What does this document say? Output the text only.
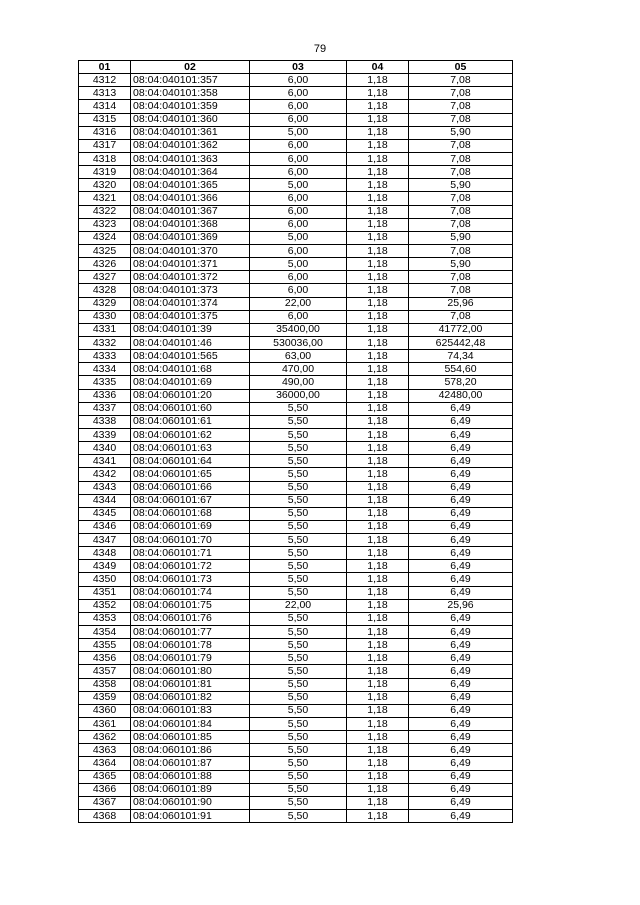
79
01	02	03	04	05
4312	08:04:040101:357	6,00	1,18	7,08
4313	08:04:040101:358	6,00	1,18	7,08
4314	08:04:040101:359	6,00	1,18	7,08
4315	08:04:040101:360	6,00	1,18	7,08
4316	08:04:040101:361	5,00	1,18	5,90
4317	08:04:040101:362	6,00	1,18	7,08
4318	08:04:040101:363	6,00	1,18	7,08
4319	08:04:040101:364	6,00	1,18	7,08
4320	08:04:040101:365	5,00	1,18	5,90
4321	08:04:040101:366	6,00	1,18	7,08
4322	08:04:040101:367	6,00	1,18	7,08
4323	08:04:040101:368	6,00	1,18	7,08
4324	08:04:040101:369	5,00	1,18	5,90
4325	08:04:040101:370	6,00	1,18	7,08
4326	08:04:040101:371	5,00	1,18	5,90
4327	08:04:040101:372	6,00	1,18	7,08
4328	08:04:040101:373	6,00	1,18	7,08
4329	08:04:040101:374	22,00	1,18	25,96
4330	08:04:040101:375	6,00	1,18	7,08
4331	08:04:040101:39	35400,00	1,18	41772,00
4332	08:04:040101:46	530036,00	1,18	625442,48
4333	08:04:040101:565	63,00	1,18	74,34
4334	08:04:040101:68	470,00	1,18	554,60
4335	08:04:040101:69	490,00	1,18	578,20
4336	08:04:060101:20	36000,00	1,18	42480,00
4337	08:04:060101:60	5,50	1,18	6,49
4338	08:04:060101:61	5,50	1,18	6,49
4339	08:04:060101:62	5,50	1,18	6,49
4340	08:04:060101:63	5,50	1,18	6,49
4341	08:04:060101:64	5,50	1,18	6,49
4342	08:04:060101:65	5,50	1,18	6,49
4343	08:04:060101:66	5,50	1,18	6,49
4344	08:04:060101:67	5,50	1,18	6,49
4345	08:04:060101:68	5,50	1,18	6,49
4346	08:04:060101:69	5,50	1,18	6,49
4347	08:04:060101:70	5,50	1,18	6,49
4348	08:04:060101:71	5,50	1,18	6,49
4349	08:04:060101:72	5,50	1,18	6,49
4350	08:04:060101:73	5,50	1,18	6,49
4351	08:04:060101:74	5,50	1,18	6,49
4352	08:04:060101:75	22,00	1,18	25,96
4353	08:04:060101:76	5,50	1,18	6,49
4354	08:04:060101:77	5,50	1,18	6,49
4355	08:04:060101:78	5,50	1,18	6,49
4356	08:04:060101:79	5,50	1,18	6,49
4357	08:04:060101:80	5,50	1,18	6,49
4358	08:04:060101:81	5,50	1,18	6,49
4359	08:04:060101:82	5,50	1,18	6,49
4360	08:04:060101:83	5,50	1,18	6,49
4361	08:04:060101:84	5,50	1,18	6,49
4362	08:04:060101:85	5,50	1,18	6,49
4363	08:04:060101:86	5,50	1,18	6,49
4364	08:04:060101:87	5,50	1,18	6,49
4365	08:04:060101:88	5,50	1,18	6,49
4366	08:04:060101:89	5,50	1,18	6,49
4367	08:04:060101:90	5,50	1,18	6,49
4368	08:04:060101:91	5,50	1,18	6,49
